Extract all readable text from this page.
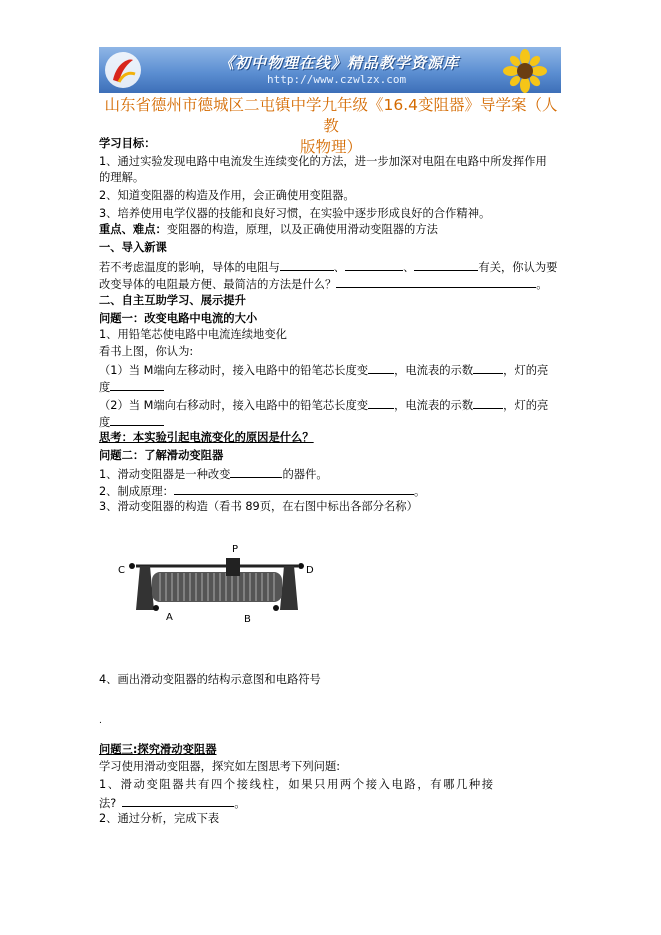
《初中物理在线》精品教学资源库
http://www.czwlzx.com
山东省德州市德城区二屯镇中学九年级《16.4变阻器》导学案（人教
版物理）
学习目标：
1、通过实验发现电路中电流发生连续变化的方法，进一步加深对电阻在电路中所发挥作用
的理解。
2、知道变阻器的构造及作用，会正确使用变阻器。
3、培养使用电学仪器的技能和良好习惯，在实验中逐步形成良好的合作精神。
重点、难点：变阻器的构造，原理，以及正确使用滑动变阻器的方法
一、导入新课
若不考虑温度的影响，导体的电阻与	、	、	有关，你认为要
改变导体的电阻最方便、最简洁的方法是什么？	。
二、自主互助学习、展示提升
问题一：改变电路中电流的大小
1、用铅笔芯使电路中电流连续地变化
看书上图，你认为:
（1）当 M端向左移动时，接入电路中的铅笔芯长度变 ，电流表的示数	，灯的亮
度
（2）当 M端向右移动时，接入电路中的铅笔芯长度变 ，电流表的示数	，灯的亮
度
思考：本实验引起电流变化的原因是什么？
问题二：了解滑动变阻器
1、滑动变阻器是一种改变	的器件。
2、制成原理：	。
3、滑动变阻器的构造（看书 89页，在右图中标出各部分名称）
P
C	D
A	B
4、画出滑动变阻器的结构示意图和电路符号
.
问题三:探究滑动变阻器
学习使用滑动变阻器，探究如左图思考下列问题:
1、滑动变阻器共有四个接线柱，如果只用两个接入电路，有哪几种接
法?	。
2、通过分析，完成下表
